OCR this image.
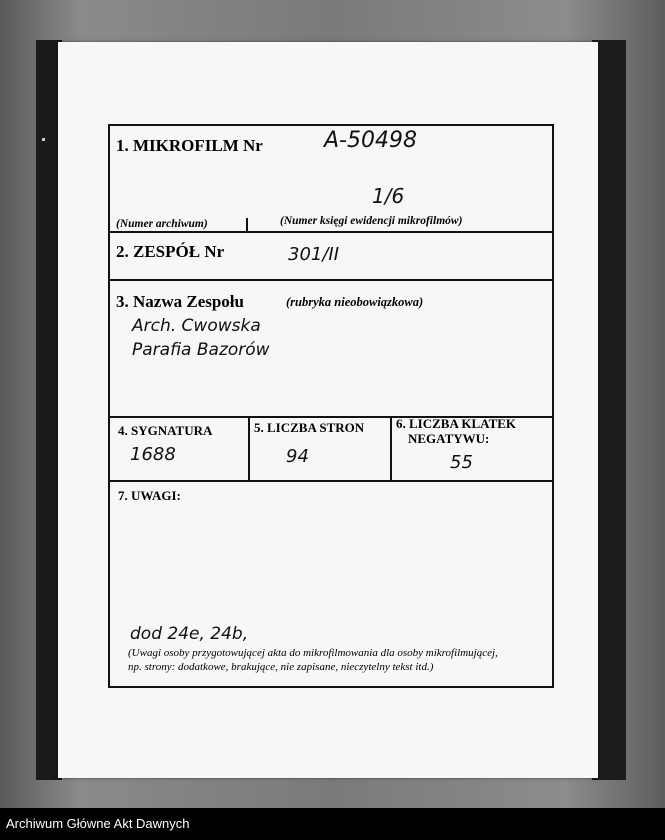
1. MIKROFILM Nr	A-50498
1/6
(Numer archiwum)	(Numer księgi ewidencji mikrofilmów)
2. ZESPÓŁ Nr	301/II
3. Nazwa Zespołu	(rubryka nieobowiązkowa)
Arch. Cwowska
Parafia Bazorów
4. SYGNATURA
1688
5. LICZBA STRON
94
6. LICZBA KLATEK
NEGATYWU:
55
7. UWAGI:
dod 24e, 24b,
(Uwagi osoby przygotowującej akta do mikrofilmowania dla osoby mikrofilmującej,
np. strony: dodatkowe, brakujące, nie zapisane, nieczytelny tekst itd.)
Archiwum Główne Akt Dawnych
